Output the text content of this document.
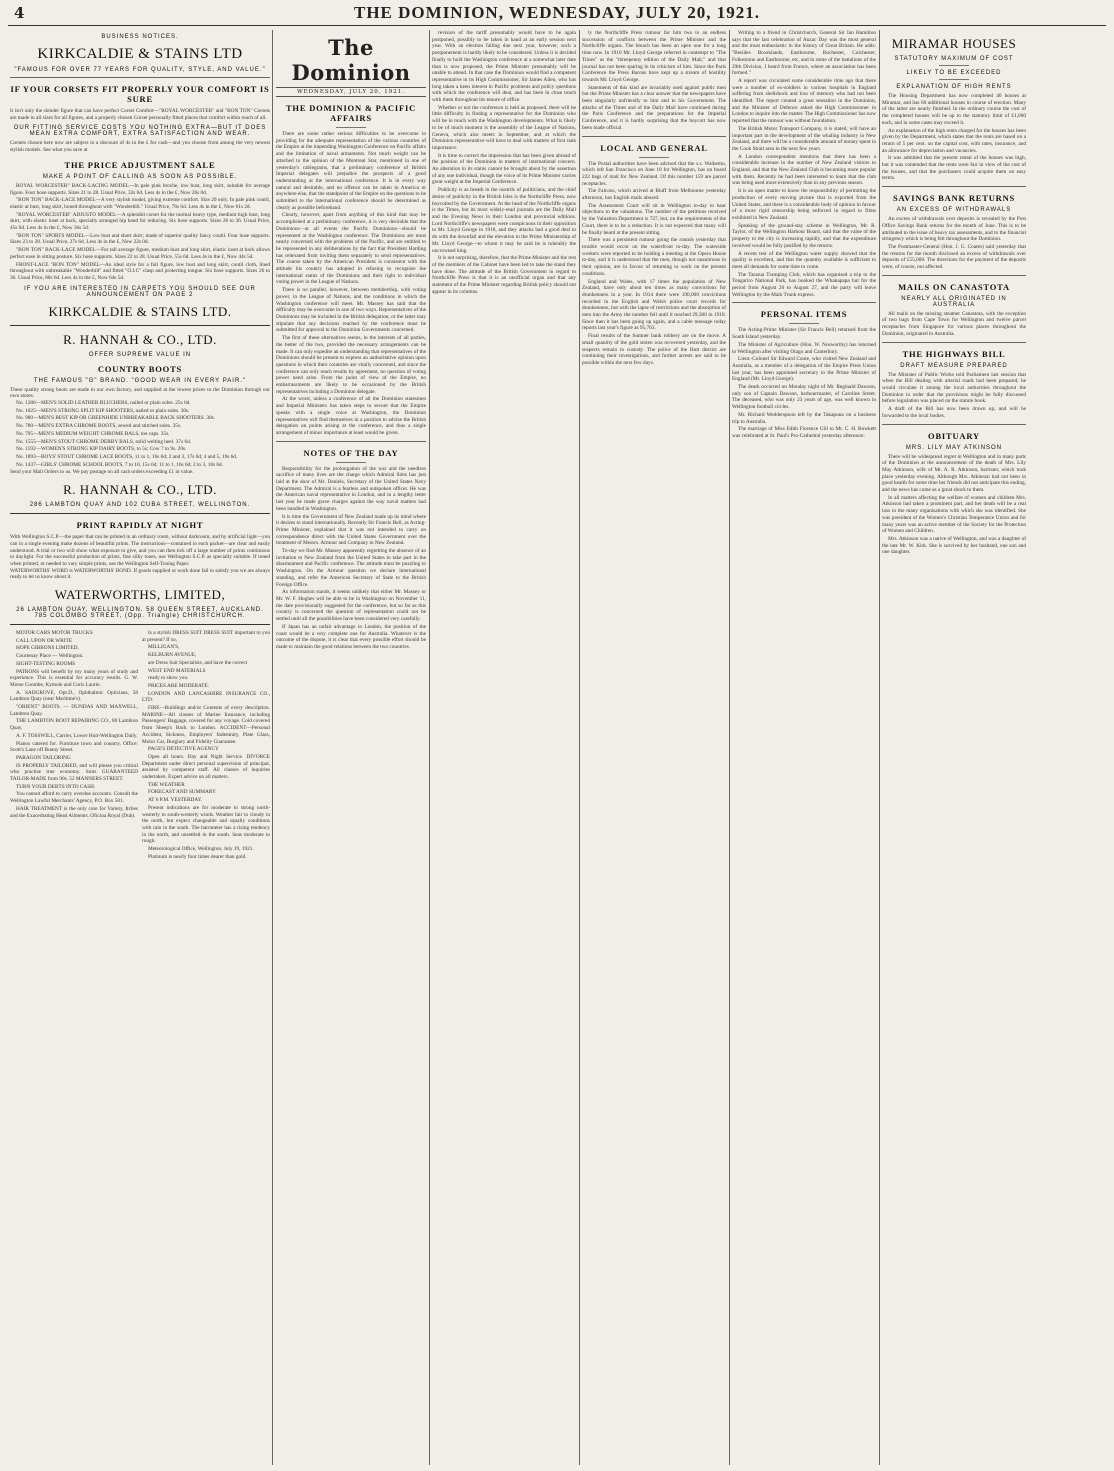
4	THE DOMINION, WEDNESDAY, JULY 20, 1921.
BUSINESS NOTICES.
KIRKCALDIE & STAINS LTD
"FAMOUS FOR OVER 77 YEARS FOR QUALITY, STYLE, AND VALUE."
IF YOUR CORSETS FIT PROPERLY YOUR COMFORT IS SURE
It isn't only the slender figure that can have perfect Corset Comfort—"ROYAL WORCESTER" and "BON TON" Corsets are made in all sizes for all figures, and a properly chosen Corset personally fitted places that comfort within reach of all.
OUR FITTING SERVICE COSTS YOU NOTHING EXTRA—BUT IT DOES MEAN EXTRA COMFORT, EXTRA SATISFACTION AND WEAR.
Corsets chosen here now are subject to a discount of 4s in the £ for cash—and you choose from among the very newest stylish models. See what you save at
THE PRICE ADJUSTMENT SALE
MAKE A POINT OF CALLING AS SOON AS POSSIBLE.

ROYAL WORCESTER" BACK-LACING MODEL—In pale pink broche, low bust, long skirt, suitable for average figure. Four hose supports. Sizes 21 to 28. Usual Price, 32s 6d. Less 4s in the £, Now 26s 0d.

"BON TON" BACK-LACE MODEL—A very stylish model, giving extreme comfort. Size 20 only. In pale pink coutil, elastic at bust, long skirt, boned throughout with "Wonderbilt." Usual Price, 76s 6d. Less 4s in the £, Now 61s 2d.

"ROYAL WORCESTER" ADJUSTO MODEL—A splendid corset for the normal heavy type, medium high bust, long skirt, with elastic inset at back, specially arranged hip band for reducing. Six hose supports. Sizes 26 to 36. Usual Price, 45s 6d. Less 4s in the £, Now 36s 5d.

"BON TON" SPORTS MODEL—Low bust and short skirt; made of superior quality fancy coutil. Four hose supports. Sizes 23 to 28. Usual Price, 27s 6d. Less 4s in the £, Now 22s 0d.

"BON TON" BACK-LACE MODEL—For tall average figure, medium bust and long skirt, elastic inset at back allows perfect ease in sitting posture. Six hose supports. Sizes 22 to 28. Usual Price, 55s 6d. Less 4s in the £, Now 44s 5d.

FRONT-LACE "BON TON" MODEL—An ideal style for a full figure, low bust and long skirt, coutil cloth, lined throughout with unbreakable "Wonderbilt" and fitted "O.I.C" clasp and protecting tongue. Six hose supports. Sizes 26 to 36. Usual Price, 80s 6d. Less 4s in the £, Now 64s 5d.

IF YOU ARE INTERESTED IN CARPETS YOU SHOULD SEE OUR ANNOUNCEMENT ON PAGE 2
KIRKCALDIE & STAINS LTD.
R. HANNAH & CO., LTD.
OFFER SUPREME VALUE IN
COUNTRY BOOTS
THE FAMOUS "G" BRAND. "GOOD WEAR IN EVERY PAIR."
These quality strong boots are made in our own factory, and supplied at the lowest prices to the Dominion through our own stores.

No. 1286—MEN'S SOLID LEATHER BLUCHERS, nailed or plain soles. 25s 6d.

No. 1025—MEN'S STRONG SPLIT KIP SHOOTERS, nailed or plain soles. 30s.

No. 980—MEN'S BEST KIP OR GREENHIDE UNBREAKABLE BACK SHOOTERS. 30s.

No. 780—MEN'S EXTRA CHROME BOOTS, sewed and stitched soles. 35s.

No. 795—MEN'S MEDIUM WEIGHT CHROME BALS, toe caps. 35s.

No. 1555—MEN'S STOUT CHROME DERBY BALS, solid welting heel. 37s 6d.

No. 1592—WOMEN'S STRONG KIP DAIRY BOOTS, to 5s; Cow 7 to 9s. 20s.

No. 1893—BOYS' STOUT CHROME LACE BOOTS, 11 to 1, 16s 6d; 2 and 3, 17s 6d; 4 and 5, 19s 6d.

No. 1437—GIRLS' CHROME SCHOOL BOOTS, 7 to 10, 15s 6d; 11 to 1, 16s 6d; 2 to 3, 18s 6d.

Send your Mail Orders to us. We pay postage on all cash orders exceeding £1 in value.
R. HANNAH & CO., LTD.
286 LAMBTON QUAY AND 102 CUBA STREET, WELLINGTON.
PRINT RAPIDLY AT NIGHT
With Wellington S.C.P.—the paper that can be printed in an ordinary room, without darkroom, and by artificial light—you can in a single evening make dozens of beautiful prints. The instructions—contained in each packet—are clear and easily understood. A trial or two will show what exposure to give, and you can then tick off a large number of prints continuous to daylight. For the successful production of prints, fine silky tones, use Wellington S.C.P. as specially suitable. If toned when printed, or needed to vary simple prints, use the Wellington Self-Toning Paper.
WATERWORTHS' WORD is WATERWORTHS' BOND. If goods supplied or work done fail to satisfy you we are always ready to let us know about it.
WATERWORTHS, LIMITED,
26 LAMBTON QUAY, WELLINGTON. 58 QUEEN STREET, AUCKLAND. 785 COLOMBO STREET, (Opp. Triangle) CHRISTCHURCH.

MOTOR CARS MOTOR TRUCKS

CALL UPON OR WRITE

HOPE GIBBONS LIMITED,

Courtenay Place — Wellington.

SIGHT-TESTING ROOMS

PATRONS will benefit by my many years of study and experience. This is essential for accuracy results. G. W. Morse Coombe, Kymole and Coris Laurie.

A. SADGROVE, Opt.D., Ophthalmic Opticians, 58 Lambton Quay (near Maritime's).

"ORIENT" BOOTS. — DUNDAS AND MAXWELL, Lambton Quay.

THE LAMBTON BOOT REPAIRING CO., 80 Lambton Quay.

A. F. TOSSWILL, Carrier, Lower Hutt-Wellington Daily.

Pianos catered for. Furniture town and country. Office: Scott's Lane off Bunny Street.

PARAGON TAILORING

IS PROPERLY TAILORED, and will please you critical who practise true economy. Suits GUARANTEED TAILOR-MADE from 90s. 52 MANNERS STREET.

TURN YOUR DEBTS INTO CASH.

You cannot afford to carry overdue accounts. Consult the Wellington Lawful Merchants' Agency, P.O. Box 501.

HAIR TREATMENT is the only cure for Variety, Itches and the Exacerbating Head Ailments. Oficina Royal (Dub).

Is a stylish DRESS SUIT DRESS SUIT important to you at present? If so,

MILLIGAN'S,

KELBURN AVENUE,

are Dress Suit Specialists, and have the correct

WEST END MATERIALS

ready to show you.

PRICES ARE MODERATE.

LONDON AND LANCASHIRE INSURANCE CO., LTD.

FIRE—Buildings and/or Contents of every description. MARINE—All classes of Marine Insurance, including Passengers' Baggage, covered for any voyage. Cold covered from Sheep's Back to London. ACCIDENT—Personal Accident, Sickness, Employers' Indemnity, Plate Glass, Motor Car, Burglary and Fidelity Guarantee.

PAGE'S DETECTIVE AGENCY

Open all hours. Day and Night Service. DIVORCE Department under direct personal supervision of principal, assisted by competent staff. All classes of inquiries undertaken. Expert advice on all matters.

THE WEATHER

FORECAST AND SUMMARY

AT 6 P.M. YESTERDAY.

Present indications are for moderate to strong north-westerly to south-westerly winds. Weather fair to cloudy in the north, but expect changeable and squally conditions with rain in the south. The barometer has a rising tendency in the north, and unsettled in the south. Seas moderate to rough.

Meteorological Office, Wellington, July 19, 1921.

Platinum is nearly four times dearer than gold.

The Dominion
WEDNESDAY, JULY 20, 1921.
THE DOMINION & PACIFIC AFFAIRS

There are some rather serious difficulties to be overcome in providing for the adequate representation of the various countries of the Empire at the impending Washington Conference on Pacific affairs and the limitation of naval armaments. Not much weight can be attached to the opinion of the Montreal Star, mentioned in one of yesterday's cablegrams, that a preliminary conference of British Imperial delegates will prejudice the prospects of a good understanding at the international conference. It is in every way natural and desirable, and no offence can be taken in America or anywhere else, that the standpoint of the Empire on the questions to be submitted to the international conference should be determined as clearly as possible beforehand.

Clearly, however, apart from anything of this kind that may be accomplished at a preliminary conference, it is very desirable that the Dominions—at all events the Pacific Dominions—should be represented at the Washington conference. The Dominions are most nearly concerned with the problems of the Pacific, and are entitled to be represented in any deliberations by the fact that President Harding has reiterated from inviting them separately to send representatives. The course taken by the American President is consistent with the attitude his country has adopted in refusing to recognise the international status of the Dominions and their right to individual voting power in the League of Nations.

There is no parallel, however, between membership, with voting power, in the League of Nations, and the conditions in which the Washington conference will meet. Mr. Massey has said that the difficulty may be overcome in one of two ways. Representatives of the Dominions may be included in the British delegation, or the latter may stipulate that any decisions reached by the conference must be submitted for approval to the Dominion Governments concerned.

The first of these alternatives seems, in the interests of all parties, the better of the two, provided the necessary arrangements can be made. It can only expedite an understanding that representatives of the Dominions should be present to express an authoritative opinion upon questions in which their countries are vitally concerned, and since the conference can only reach results by agreement, no question of voting power need arise. From the point of view of the Empire, no embarrassments are likely to be occasioned by the British representatives including a Dominion delegate.

At the worst, unless a conference of all the Dominion statesmen and Imperial Ministers has taken steps to secure that the Empire speaks with a single voice at Washington, the Dominion representatives will find themselves in a position to advise the British delegation on points arising at the conference, and thus a single arrangement of minor importance at least would be given.

NOTES OF THE DAY

Responsibility for the prolongation of the war and the needless sacrifice of many lives are the charge which Admiral Sims has just laid at the door of Mr. Daniels, Secretary of the United States Navy Department. The Admiral is a fearless and outspoken officer. He was the American naval representative in London, and in a lengthy letter last year he made grave charges against the way naval matters had been handled in Washington.

It is time the Government of New Zealand made up its mind where it desires to stand internationally. Recently Sir Francis Bell, as Acting-Prime Minister, explained that it was not intended to carry on correspondence direct with the United States Government over the treatment of Messrs. Armour and Company in New Zealand.

To-day we find Mr. Massey apparently regretting the absence of an invitation to New Zealand from the United States to take part in the disarmament and Pacific conference. The attitude must be puzzling to Washington. On the Armour question we declare international standing, and refer the American Secretary of State to the British Foreign Office.

As information stands, it seems unlikely that either Mr. Massey or Mr. W. F. Hughes will be able to be in Washington on November 11, the date provisionally suggested for the conference, but so far as this country is concerned the question of representation could not be settled until all the possibilities have been considered very carefully.

If Japan has an unfair advantage in London, the position of the coast would be a very complete one for Australia. Whatever is the outcome of the dispute, it is clear that every possible effort should be made to maintain the good relations between the two countries.

revision of the tariff presumably would have to be again postponed, possibly to be taken in hand at an early session next year. With an election falling due next year, however, such a postponement is hardly likely to be considered. Unless it is decided finally to hold the Washington conference at a somewhat later date than is now proposed, the Prime Minister presumably will be unable to attend. In that case the Dominion would find a competent representative in its High Commissioner, Sir James Allen, who has long taken a keen interest in Pacific problems and policy questions with which the conference will deal, and has been in close touch with them throughout his tenure of office.

Whether or not the conference is held as proposed, there will be little difficulty in finding a representative for the Dominion who will be in touch with the Washington developments. What is likely to be of much moment is the assembly of the League of Nations, Geneva, which also meets in September, and at which the Dominion representative will have to deal with matters of first rank importance.

It is time to correct the impression that has been given abroad of the position of the Dominion in matters of international concern. An alteration in its status cannot be brought about by the assertion of any one individual, though the voice of its Prime Minister carries great weight at the Imperial Conference.

Publicity is as breath in the nostrils of politicians, and the chief desire of publicity in the British Isles is the Northcliffe Press, now boycotted by the Government. At the head of the Northcliffe organs is the Times, but its most widely-read journals are the Daily Mail and the Evening News in their London and provincial editions. Lord Northcliffe's newspapers were conspicuous in their opposition to Mr. Lloyd George in 1918, and they attacks had a good deal to do with the downfall and the elevation to the Prime Ministership of Mr. Lloyd George—to whom it may be said he is tolerably the uncrowned king.

It is not surprising, therefore, that the Prime Minister and the rest of the members of the Cabinet have been led to take the stand they have done. The attitude of the British Government in regard to Northcliffe Press is that it is an unofficial organ and that any statement of the Prime Minister regarding British policy should not appear in its columns.

ly the Northcliffe Press rumour for him two to an endless succession of conflicts between the Prime Minister and the Northcliffe organs. The breach has been an open one for a long time now. In 1910 Mr. Lloyd George referred in contempt to "The Times" as the "threepenny edition of the Daily Mail," and that journal has not been sparing in its criticism of him. Since the Paris Conference the Press Barons have kept up a stream of hostility towards Mr. Lloyd George.

Statements of this kind are invariably used against public men but the Prime Minister has a clear answer that the newspapers have been singularly unfriendly to him and to his Government. The attacks of the Times and of the Daily Mail have continued during the Paris Conference and the preparations for the Imperial Conference, and it is hardly surprising that the boycott has now been made official.

LOCAL AND GENERAL

The Postal authorities have been advised that the s.s. Waihemo, which left San Francisco on June 18 for Wellington, has on board 222 bags of mail for New Zealand. Of this number 159 are parcel receptacles.

The Falcons, which arrived at Bluff from Melbourne yesterday afternoon, has English mails aboard.

The Assessment Court will sit in Wellington to-day to hear objections to the valuations. The number of the petitions received by the Valuation Department is 727, but, on the requirements of the Court, there is to be a reduction. It is not expected that many will be finally heard at the present sitting.

There was a persistent rumour going the rounds yesterday that trouble would occur on the waterfront to-day. The waterside workers were reported to be holding a meeting at the Opera House to-day, and it is understood that the men, though not unanimous in their opinion, are in favour of returning to work on the present conditions.

England and Wales, with 17 times the population of New Zealand, have only about ten times as many convictions for drunkenness in a year. In 1914 there were 190,000 convictions recorded in the English and Welsh police court records for drunkenness, but with the lapse of restrictions and the absorption of men into the Army the number fell until it reached 29,300 in 1918. Since then it has been going up again, and a cable message today reports last year's figure as 95,763.

Final results of the Sumner bank robbery are on the move. A small quantity of the gold stolen was recovered yesterday, and the suspects remain in custody. The police of the Hutt district are continuing their investigations, and further arrests are said to be possible within the next few days.

Writing to a friend in Christchurch, General Sir Ian Hamilton says that the last celebration of Anzac Day was the most general and the most enthusiastic in the history of Great Britain. He adds: "Besides Brooklands, Eastbourne, Rochester, Colchester, Folkestone and Eastbourne, etc, and in some of the battalions of the 29th Division, I heard from France, where an association has been formed."

A report was circulated some considerable time ago that there were a number of ex-soldiers in various hospitals in England suffering from shellshock and loss of memory who had not been identified. The report created a great sensation in the Dominion, and the Minister of Defence asked the High Commissioner in London to inquire into the matter. The High Commissioner has now reported that the rumour was without foundation.

The British Motor Transport Company, it is stated, will have an important part in the development of the whaling industry in New Zealand, and there will be a considerable amount of money spent in the Cook Strait area in the next few years.

A London correspondent mentions that there has been a considerable increase in the number of New Zealand visitors to England, and that the New Zealand Club is becoming more popular with them. Recently he had been interested to learn that the club was being used more extensively than in any previous season.

It is an open matter to know the responsibility of permitting the production of every moving picture that is exported from the United States, and there is a considerable body of opinion in favour of a more rigid censorship being enforced in regard to films exhibited in New Zealand.

Speaking of the ground-stay scheme in Wellington, Mr. R. Taylor, of the Wellington Harbour Board, said that the value of the property to the city is increasing rapidly, and that the expenditure involved would be fully justified by the returns.

A recent test of the Wellington water supply showed that the quality is excellent, and that the quantity available is sufficient to meet all demands for some time to come.

The Tararua Tramping Club, which has organised a trip to the Tongariro National Park, has booked the Whakapapa hut for the period from August 20 to August 27, and the party will leave Wellington by the Main Trunk express.

PERSONAL ITEMS

The Acting-Prime Minister (Sir Francis Bell) returned from the South Island yesterday.

The Minister of Agriculture (Hon. W. Nosworthy) has returned to Wellington after visiting Otago and Canterbury.

Lieut.-Colonel Sir Edward Coote, who visited New Zealand and Australia, as a member of a delegation of the Empire Press Union last year, has been appointed secretary to the Prime Minister of England (Mr. Lloyd George).

The death occurred on Monday night of Mr. Reginald Dawson, only son of Captain Dawson, harbourmaster, of Caroline Street. The deceased, who was only 23 years of age, was well known in Wellington football circles.

Mr. Richard Wedderspoon left by the Takapuna on a business trip to Australia.

The marriage of Miss Edith Florence Gill to Mr. C. H. Bowkett was celebrated at St. Paul's Pro-Cathedral yesterday afternoon.

MIRAMAR HOUSES
STATUTORY MAXIMUM OF COST
LIKELY TO BE EXCEEDED
EXPLANATION OF HIGH RENTS

The Housing Department has now completed 40 houses at Miramar, and has 60 additional houses in course of erection. Many of the latter are nearly finished. In the ordinary course the cost of the completed houses will be up to the statutory limit of £1,000 each, and in some cases may exceed it.

An explanation of the high rents charged for the houses has been given by the Department, which states that the rents are based on a return of 5 per cent. on the capital cost, with rates, insurance, and an allowance for depreciation and vacancies.

It was admitted that the present rental of the houses was high, but it was contended that the rents were fair in view of the cost of the houses, and that the purchasers could acquire them on easy terms.

SAVINGS BANK RETURNS
AN EXCESS OF WITHDRAWALS

An excess of withdrawals over deposits is revealed by the Post Office Savings Bank returns for the month of June. This is to be attributed to the issue of heavy tax assessments, and to the financial stringency which is being felt throughout the Dominion.

The Postmaster-General (Hon. J. G. Coates) said yesterday that the returns for the month disclosed an excess of withdrawals over deposits of £55,000. The directions for the payment of the deposits were, of course, not affected.

MAILS ON CANASTOTA
NEARLY ALL ORIGINATED IN AUSTRALIA

All mails on the missing steamer Canastota, with the exception of two bags from Cape Town for Wellington and twelve parcel receptacles from Singapore for various places throughout the Dominion, originated in Australia.

THE HIGHWAYS BILL
DRAFT MEASURE PREPARED

The Minister of Public Works told Parliament last session that when the Bill dealing with arterial roads had been prepared, he would circulate it among the local authorities throughout the Dominion in order that the provisions might be fully discussed before legislation was placed on the statute book.

A draft of the Bill has now been drawn up, and will be forwarded to the local bodies.

OBITUARY
MRS. LILY MAY ATKINSON

There will be widespread regret in Wellington and in many parts of the Dominion at the announcement of the death of Mrs. Lily May Atkinson, wife of Mr. A. R. Atkinson, barrister, which took place yesterday evening. Although Mrs. Atkinson had not been in good health for some time her friends did not anticipate this ending, and the news has come as a great shock to them.

In all matters affecting the welfare of women and children Mrs. Atkinson had taken a prominent part, and her death will be a real loss to the many organisations with which she was identified. She was president of the Women's Christian Temperance Union and for many years was an active member of the Society for the Protection of Women and Children.

Mrs. Atkinson was a native of Wellington, and was a daughter of the late Mr. W. Kirk. She is survived by her husband, one son and one daughter.
